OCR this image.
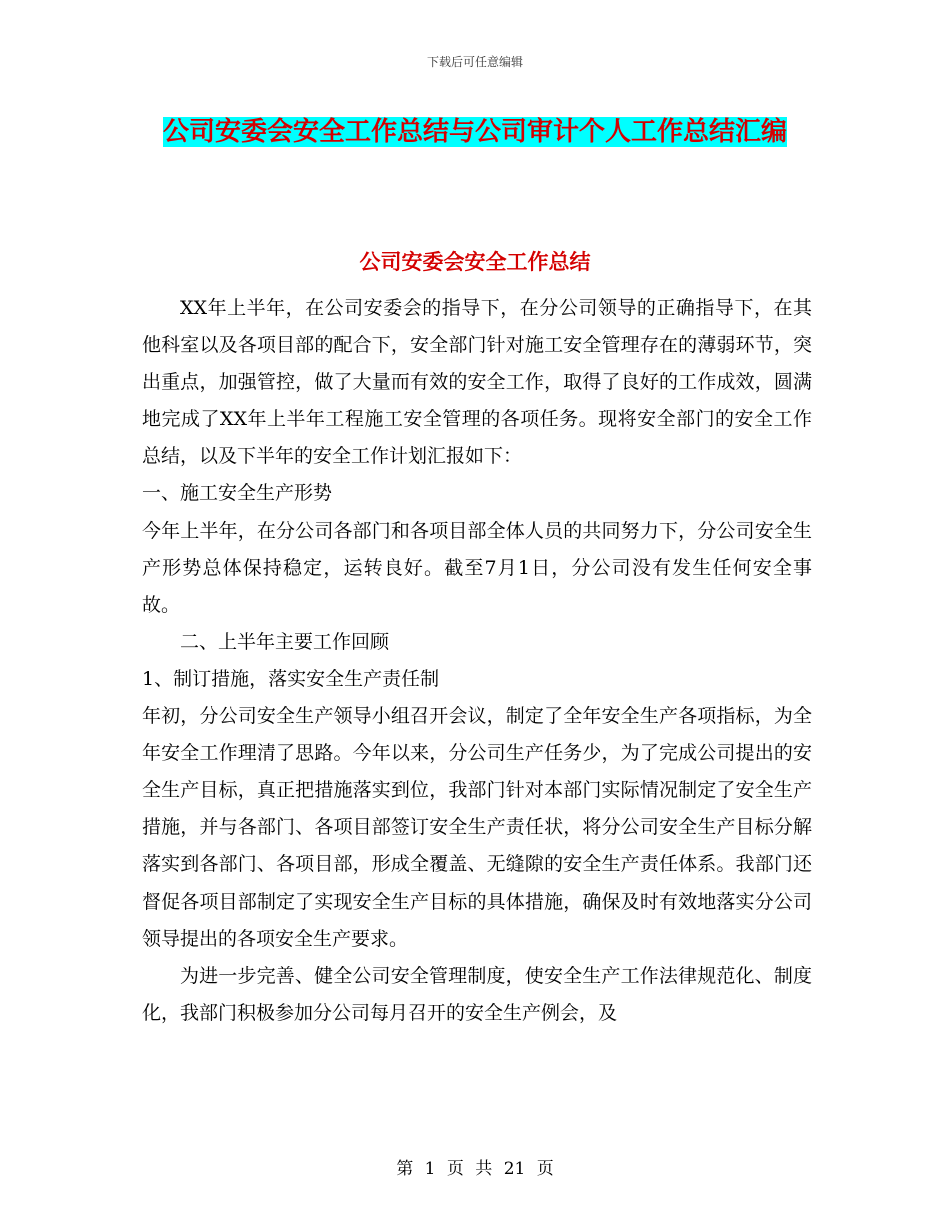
下载后可任意编辑
公司安委会安全工作总结与公司审计个人工作总结汇编
公司安委会安全工作总结

XX年上半年，在公司安委会的指导下，在分公司领导的正确指导下，在其他科室以及各项目部的配合下，安全部门针对施工安全管理存在的薄弱环节，突出重点，加强管控，做了大量而有效的安全工作，取得了良好的工作成效，圆满地完成了XX年上半年工程施工安全管理的各项任务。现将安全部门的安全工作总结，以及下半年的安全工作计划汇报如下：

一、施工安全生产形势

今年上半年，在分公司各部门和各项目部全体人员的共同努力下，分公司安全生产形势总体保持稳定，运转良好。截至7月1日，分公司没有发生任何安全事故。

二、上半年主要工作回顾

1、制订措施，落实安全生产责任制

年初，分公司安全生产领导小组召开会议，制定了全年安全生产各项指标，为全年安全工作理清了思路。今年以来，分公司生产任务少，为了完成公司提出的安全生产目标，真正把措施落实到位，我部门针对本部门实际情况制定了安全生产措施，并与各部门、各项目部签订安全生产责任状，将分公司安全生产目标分解落实到各部门、各项目部，形成全覆盖、无缝隙的安全生产责任体系。我部门还督促各项目部制定了实现安全生产目标的具体措施，确保及时有效地落实分公司领导提出的各项安全生产要求。

为进一步完善、健全公司安全管理制度，使安全生产工作法律规范化、制度化，我部门积极参加分公司每月召开的安全生产例会，及

第 1 页 共 21 页
